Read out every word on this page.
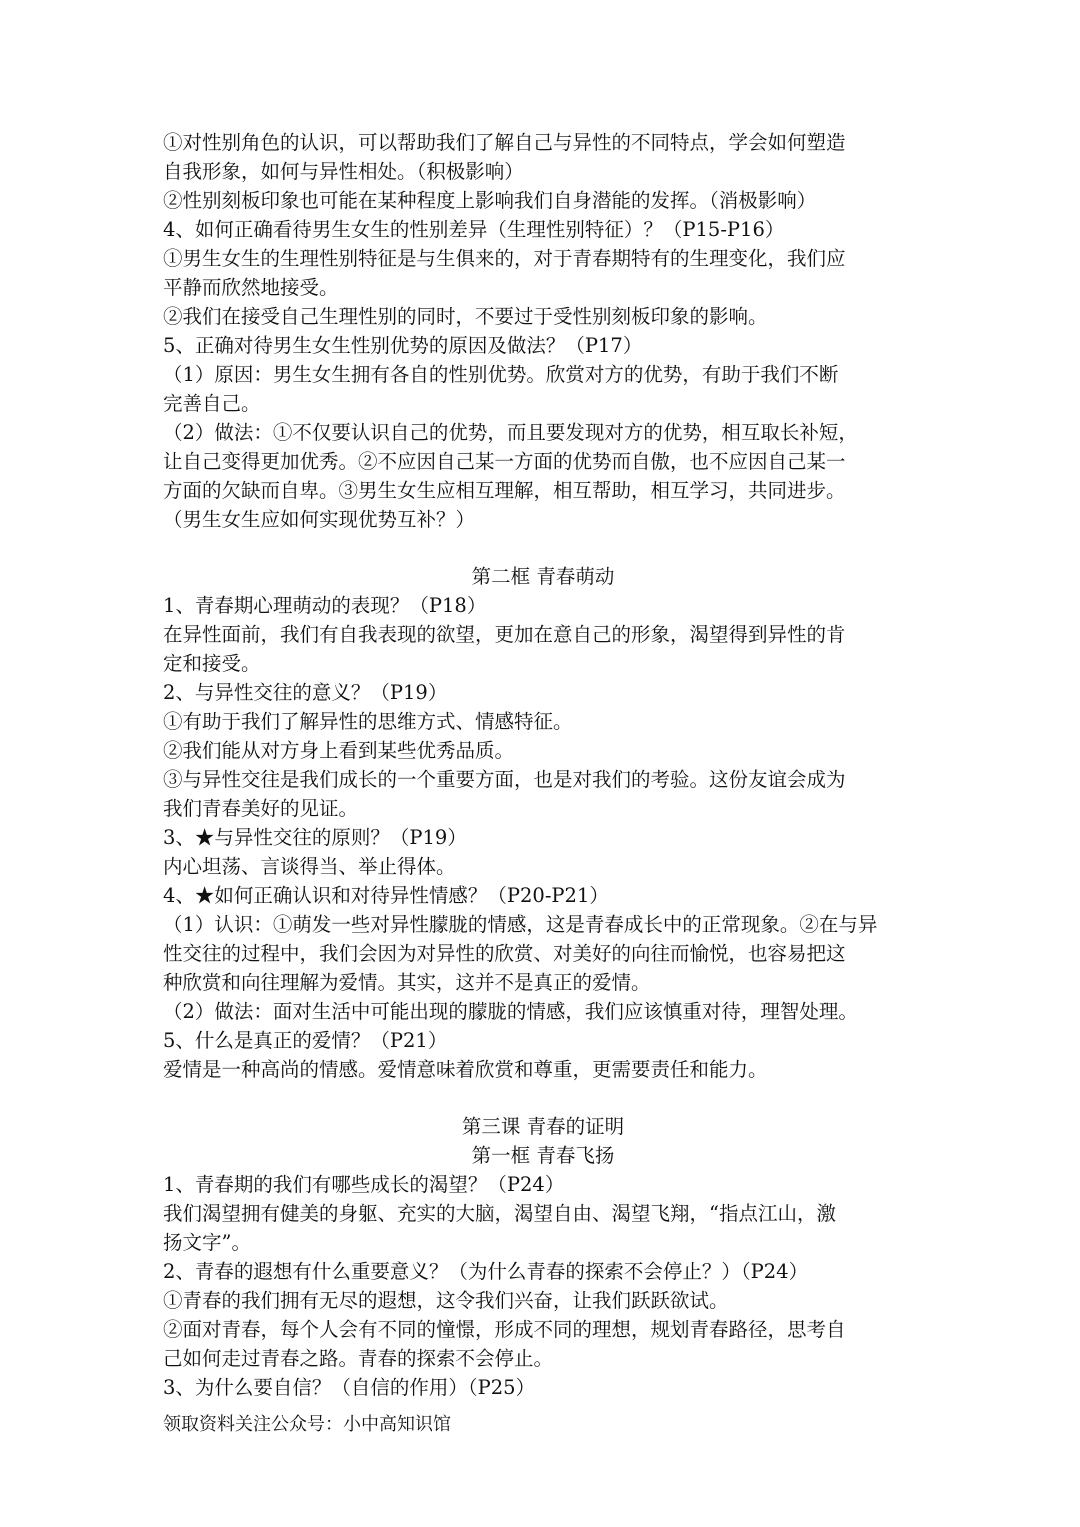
①对性别角色的认识，可以帮助我们了解自己与异性的不同特点，学会如何塑造
自我形象，如何与异性相处。（积极影响）
②性别刻板印象也可能在某种程度上影响我们自身潜能的发挥。（消极影响）
4、如何正确看待男生女生的性别差异（生理性别特征）？（P15-P16）
①男生女生的生理性别特征是与生俱来的，对于青春期特有的生理变化，我们应
平静而欣然地接受。
②我们在接受自己生理性别的同时，不要过于受性别刻板印象的影响。
5、正确对待男生女生性别优势的原因及做法？（P17）
（1）原因：男生女生拥有各自的性别优势。欣赏对方的优势，有助于我们不断
完善自己。
（2）做法：①不仅要认识自己的优势，而且要发现对方的优势，相互取长补短，
让自己变得更加优秀。②不应因自己某一方面的优势而自傲，也不应因自己某一
方面的欠缺而自卑。③男生女生应相互理解，相互帮助，相互学习，共同进步。
（男生女生应如何实现优势互补？）
第二框 青春萌动
1、青春期心理萌动的表现？（P18）
在异性面前，我们有自我表现的欲望，更加在意自己的形象，渴望得到异性的肯
定和接受。
2、与异性交往的意义？（P19）
①有助于我们了解异性的思维方式、情感特征。
②我们能从对方身上看到某些优秀品质。
③与异性交往是我们成长的一个重要方面，也是对我们的考验。这份友谊会成为
我们青春美好的见证。
3、★与异性交往的原则？（P19）
内心坦荡、言谈得当、举止得体。
4、★如何正确认识和对待异性情感？（P20-P21）
（1）认识：①萌发一些对异性朦胧的情感，这是青春成长中的正常现象。②在与异
性交往的过程中，我们会因为对异性的欣赏、对美好的向往而愉悦，也容易把这
种欣赏和向往理解为爱情。其实，这并不是真正的爱情。
（2）做法：面对生活中可能出现的朦胧的情感，我们应该慎重对待，理智处理。
5、什么是真正的爱情？（P21）
爱情是一种高尚的情感。爱情意味着欣赏和尊重，更需要责任和能力。
第三课 青春的证明
第一框 青春飞扬
1、青春期的我们有哪些成长的渴望？（P24）
我们渴望拥有健美的身躯、充实的大脑，渴望自由、渴望飞翔，“指点江山，激
扬文字”。
2、青春的遐想有什么重要意义？（为什么青春的探索不会停止？）（P24）
①青春的我们拥有无尽的遐想，这令我们兴奋，让我们跃跃欲试。
②面对青春，每个人会有不同的憧憬，形成不同的理想，规划青春路径，思考自
己如何走过青春之路。青春的探索不会停止。
3、为什么要自信？（自信的作用）（P25）
领取资料关注公众号：小中高知识馆
